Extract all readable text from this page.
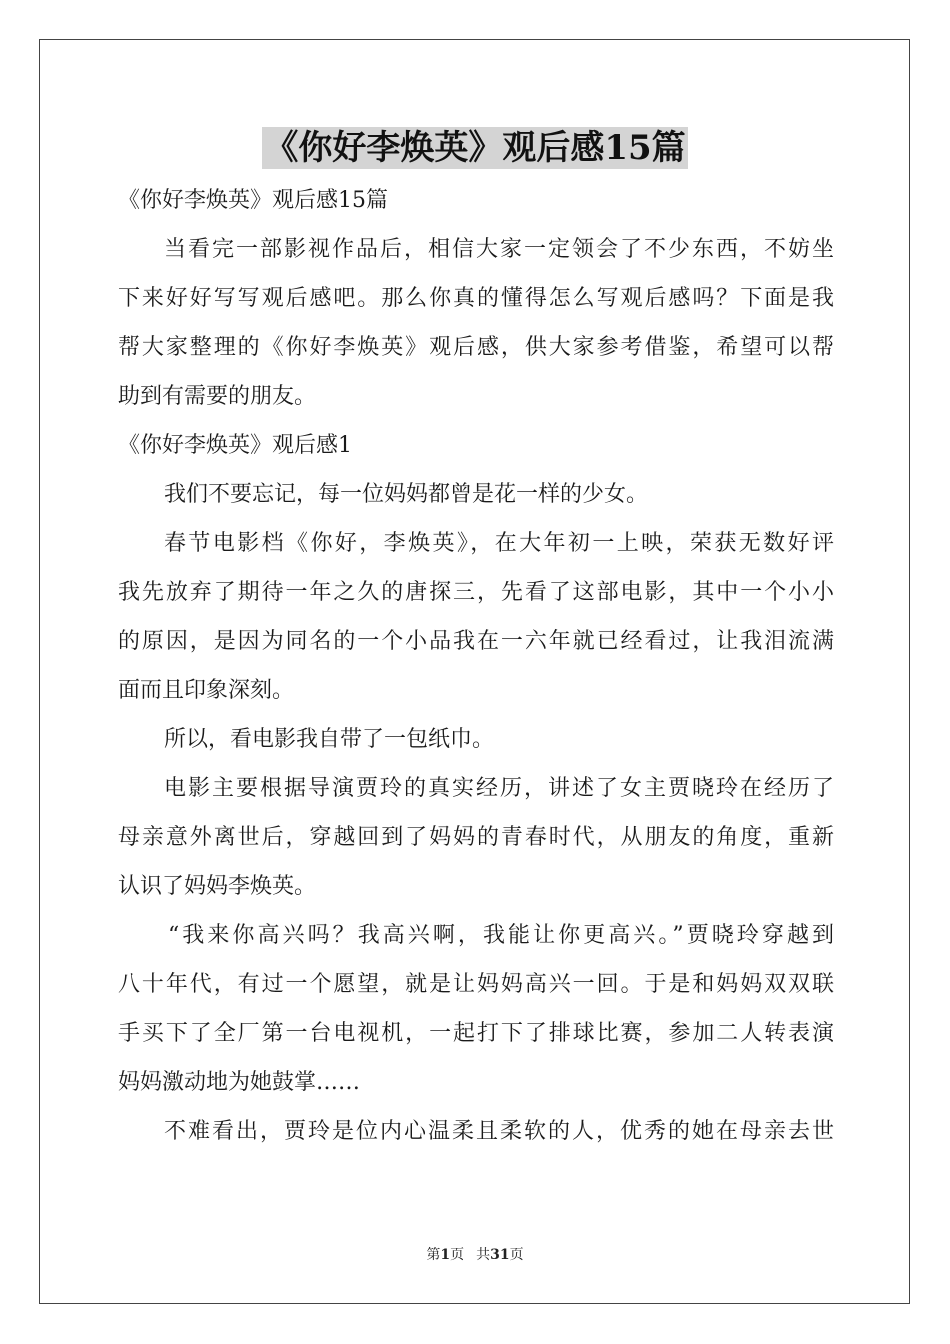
《你好李焕英》观后感15篇
《你好李焕英》观后感15篇
当看完一部影视作品后，相信大家一定领会了不少东西，不妨坐
下来好好写写观后感吧。那么你真的懂得怎么写观后感吗？下面是我
帮大家整理的《你好李焕英》观后感，供大家参考借鉴，希望可以帮
助到有需要的朋友。
《你好李焕英》观后感1
我们不要忘记，每一位妈妈都曾是花一样的少女。
春节电影档《你好，李焕英》，在大年初一上映，荣获无数好评
我先放弃了期待一年之久的唐探三，先看了这部电影，其中一个小小
的原因，是因为同名的一个小品我在一六年就已经看过，让我泪流满
面而且印象深刻。
所以，看电影我自带了一包纸巾。
电影主要根据导演贾玲的真实经历，讲述了女主贾晓玲在经历了
母亲意外离世后，穿越回到了妈妈的青春时代，从朋友的角度，重新
认识了妈妈李焕英。
“我来你高兴吗？我高兴啊，我能让你更高兴。”贾晓玲穿越到
八十年代，有过一个愿望，就是让妈妈高兴一回。于是和妈妈双双联
手买下了全厂第一台电视机，一起打下了排球比赛，参加二人转表演
妈妈激动地为她鼓掌……
不难看出，贾玲是位内心温柔且柔软的人，优秀的她在母亲去世
第1页 共31页
